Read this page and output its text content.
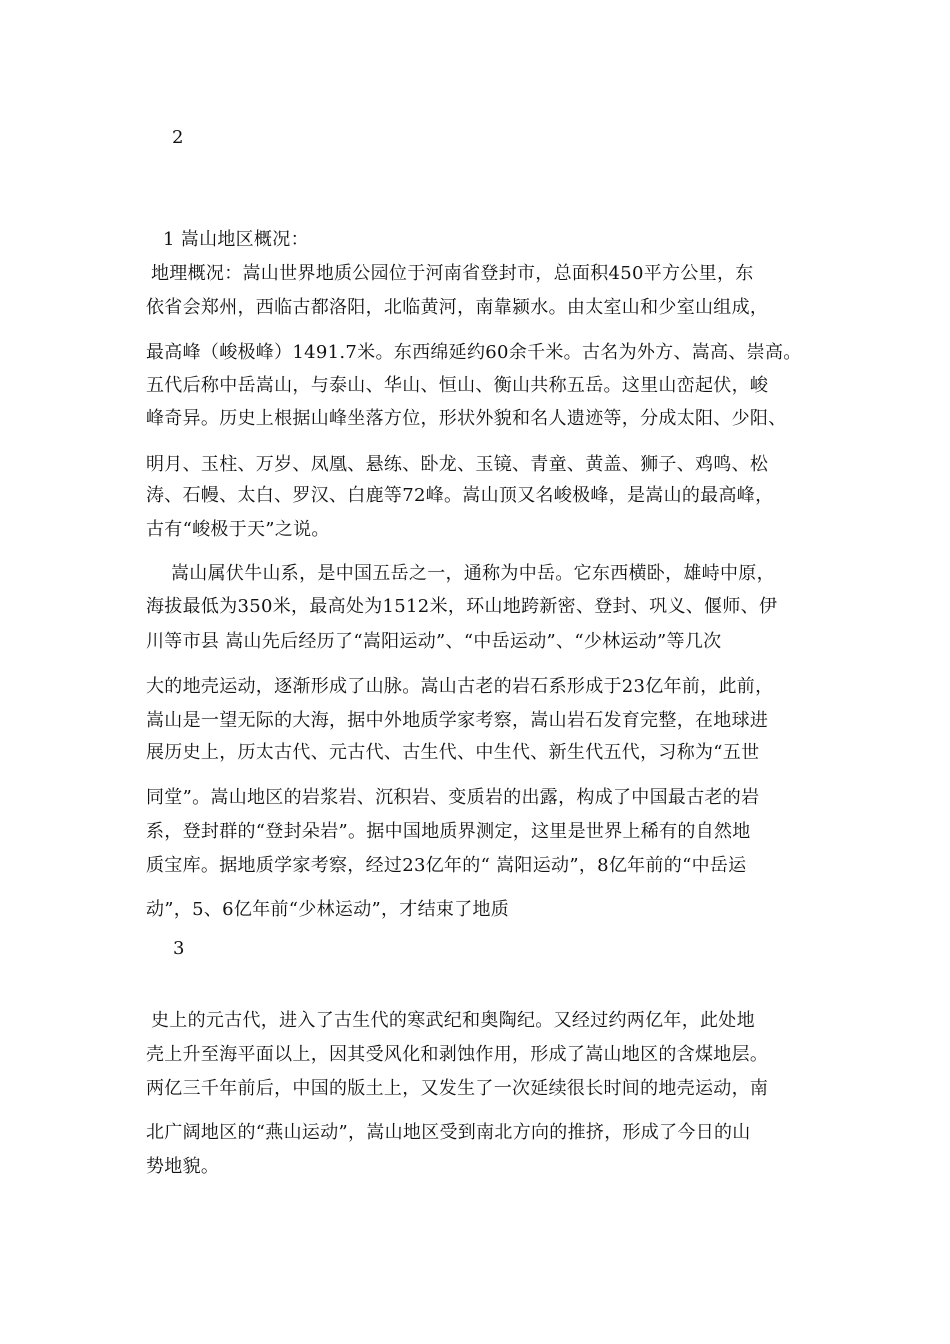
2
1 嵩山地区概况：
地理概况：嵩山世界地质公园位于河南省登封市，总面积450平方公里，东
依省会郑州，西临古都洛阳，北临黄河，南靠颍水。由太室山和少室山组成，
最高峰（峻极峰）1491.7米。东西绵延约60余千米。古名为外方、嵩高、崇高。
五代后称中岳嵩山，与泰山、华山、恒山、衡山共称五岳。这里山峦起伏，峻
峰奇异。历史上根据山峰坐落方位，形状外貌和名人遗迹等，分成太阳、少阳、
明月、玉柱、万岁、凤凰、悬练、卧龙、玉镜、青童、黄盖、狮子、鸡鸣、松
涛、石幔、太白、罗汉、白鹿等72峰。嵩山顶又名峻极峰，是嵩山的最高峰，
古有“峻极于天”之说。
嵩山属伏牛山系，是中国五岳之一，通称为中岳。它东西横卧，雄峙中原，
海拔最低为350米，最高处为1512米，环山地跨新密、登封、巩义、偃师、伊
川等市县 嵩山先后经历了“嵩阳运动”、“中岳运动”、“少林运动”等几次
大的地壳运动，逐渐形成了山脉。嵩山古老的岩石系形成于23亿年前，此前，
嵩山是一望无际的大海，据中外地质学家考察，嵩山岩石发育完整，在地球进
展历史上，历太古代、元古代、古生代、中生代、新生代五代，习称为“五世
同堂”。嵩山地区的岩浆岩、沉积岩、变质岩的出露，构成了中国最古老的岩
系，登封群的“登封朵岩”。据中国地质界测定，这里是世界上稀有的自然地
质宝库。据地质学家考察，经过23亿年的“ 嵩阳运动”，8亿年前的“中岳运
动”，5、6亿年前“少林运动”，才结束了地质
史上的元古代，进入了古生代的寒武纪和奥陶纪。又经过约两亿年，此处地
壳上升至海平面以上，因其受风化和剥蚀作用，形成了嵩山地区的含煤地层。
两亿三千年前后，中国的版土上，又发生了一次延续很长时间的地壳运动，南
北广阔地区的“燕山运动”，嵩山地区受到南北方向的推挤，形成了今日的山
势地貌。
3
